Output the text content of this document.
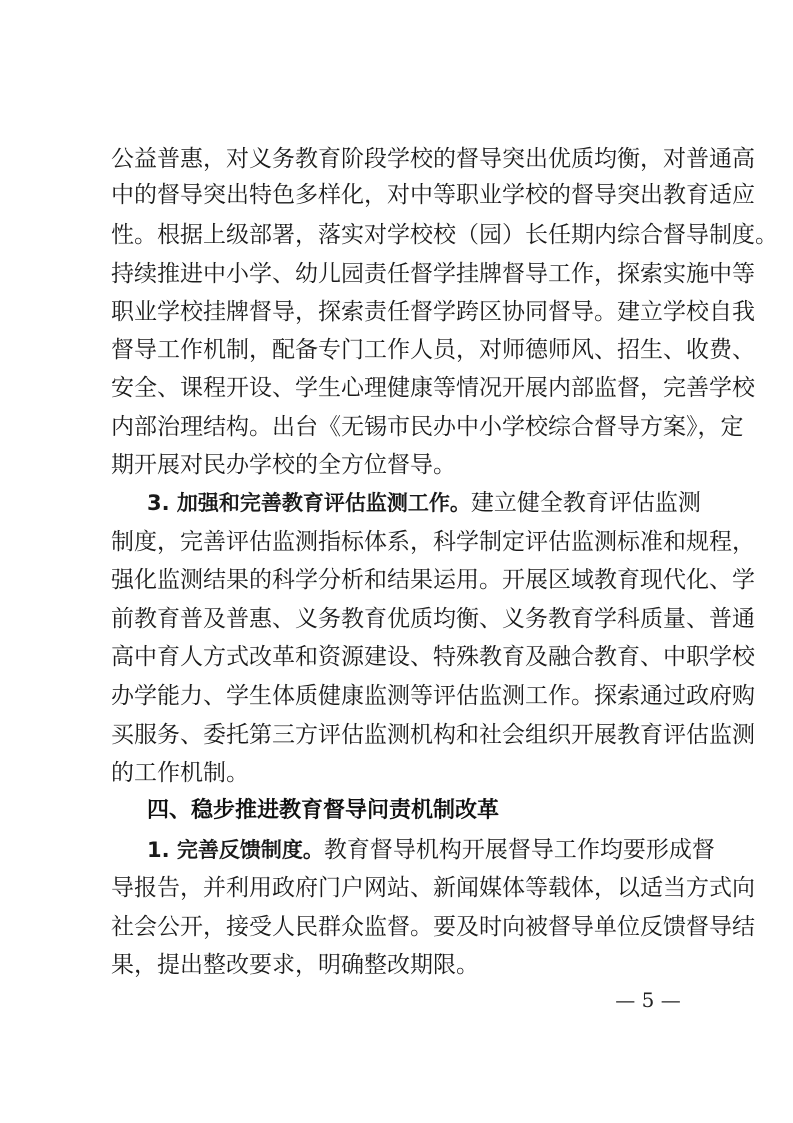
公益普惠，对义务教育阶段学校的督导突出优质均衡，对普通高
中的督导突出特色多样化，对中等职业学校的督导突出教育适应
性。根据上级部署，落实对学校校（园）长任期内综合督导制度。
持续推进中小学、幼儿园责任督学挂牌督导工作，探索实施中等
职业学校挂牌督导，探索责任督学跨区协同督导。建立学校自我
督导工作机制，配备专门工作人员，对师德师风、招生、收费、
安全、课程开设、学生心理健康等情况开展内部监督，完善学校
内部治理结构。出台《无锡市民办中小学校综合督导方案》，定
期开展对民办学校的全方位督导。
3. 加强和完善教育评估监测工作。建立健全教育评估监测
制度，完善评估监测指标体系，科学制定评估监测标准和规程，
强化监测结果的科学分析和结果运用。开展区域教育现代化、学
前教育普及普惠、义务教育优质均衡、义务教育学科质量、普通
高中育人方式改革和资源建设、特殊教育及融合教育、中职学校
办学能力、学生体质健康监测等评估监测工作。探索通过政府购
买服务、委托第三方评估监测机构和社会组织开展教育评估监测
的工作机制。
四、稳步推进教育督导问责机制改革
1. 完善反馈制度。教育督导机构开展督导工作均要形成督
导报告，并利用政府门户网站、新闻媒体等载体，以适当方式向
社会公开，接受人民群众监督。要及时向被督导单位反馈督导结
果，提出整改要求，明确整改期限。
— 5 —
